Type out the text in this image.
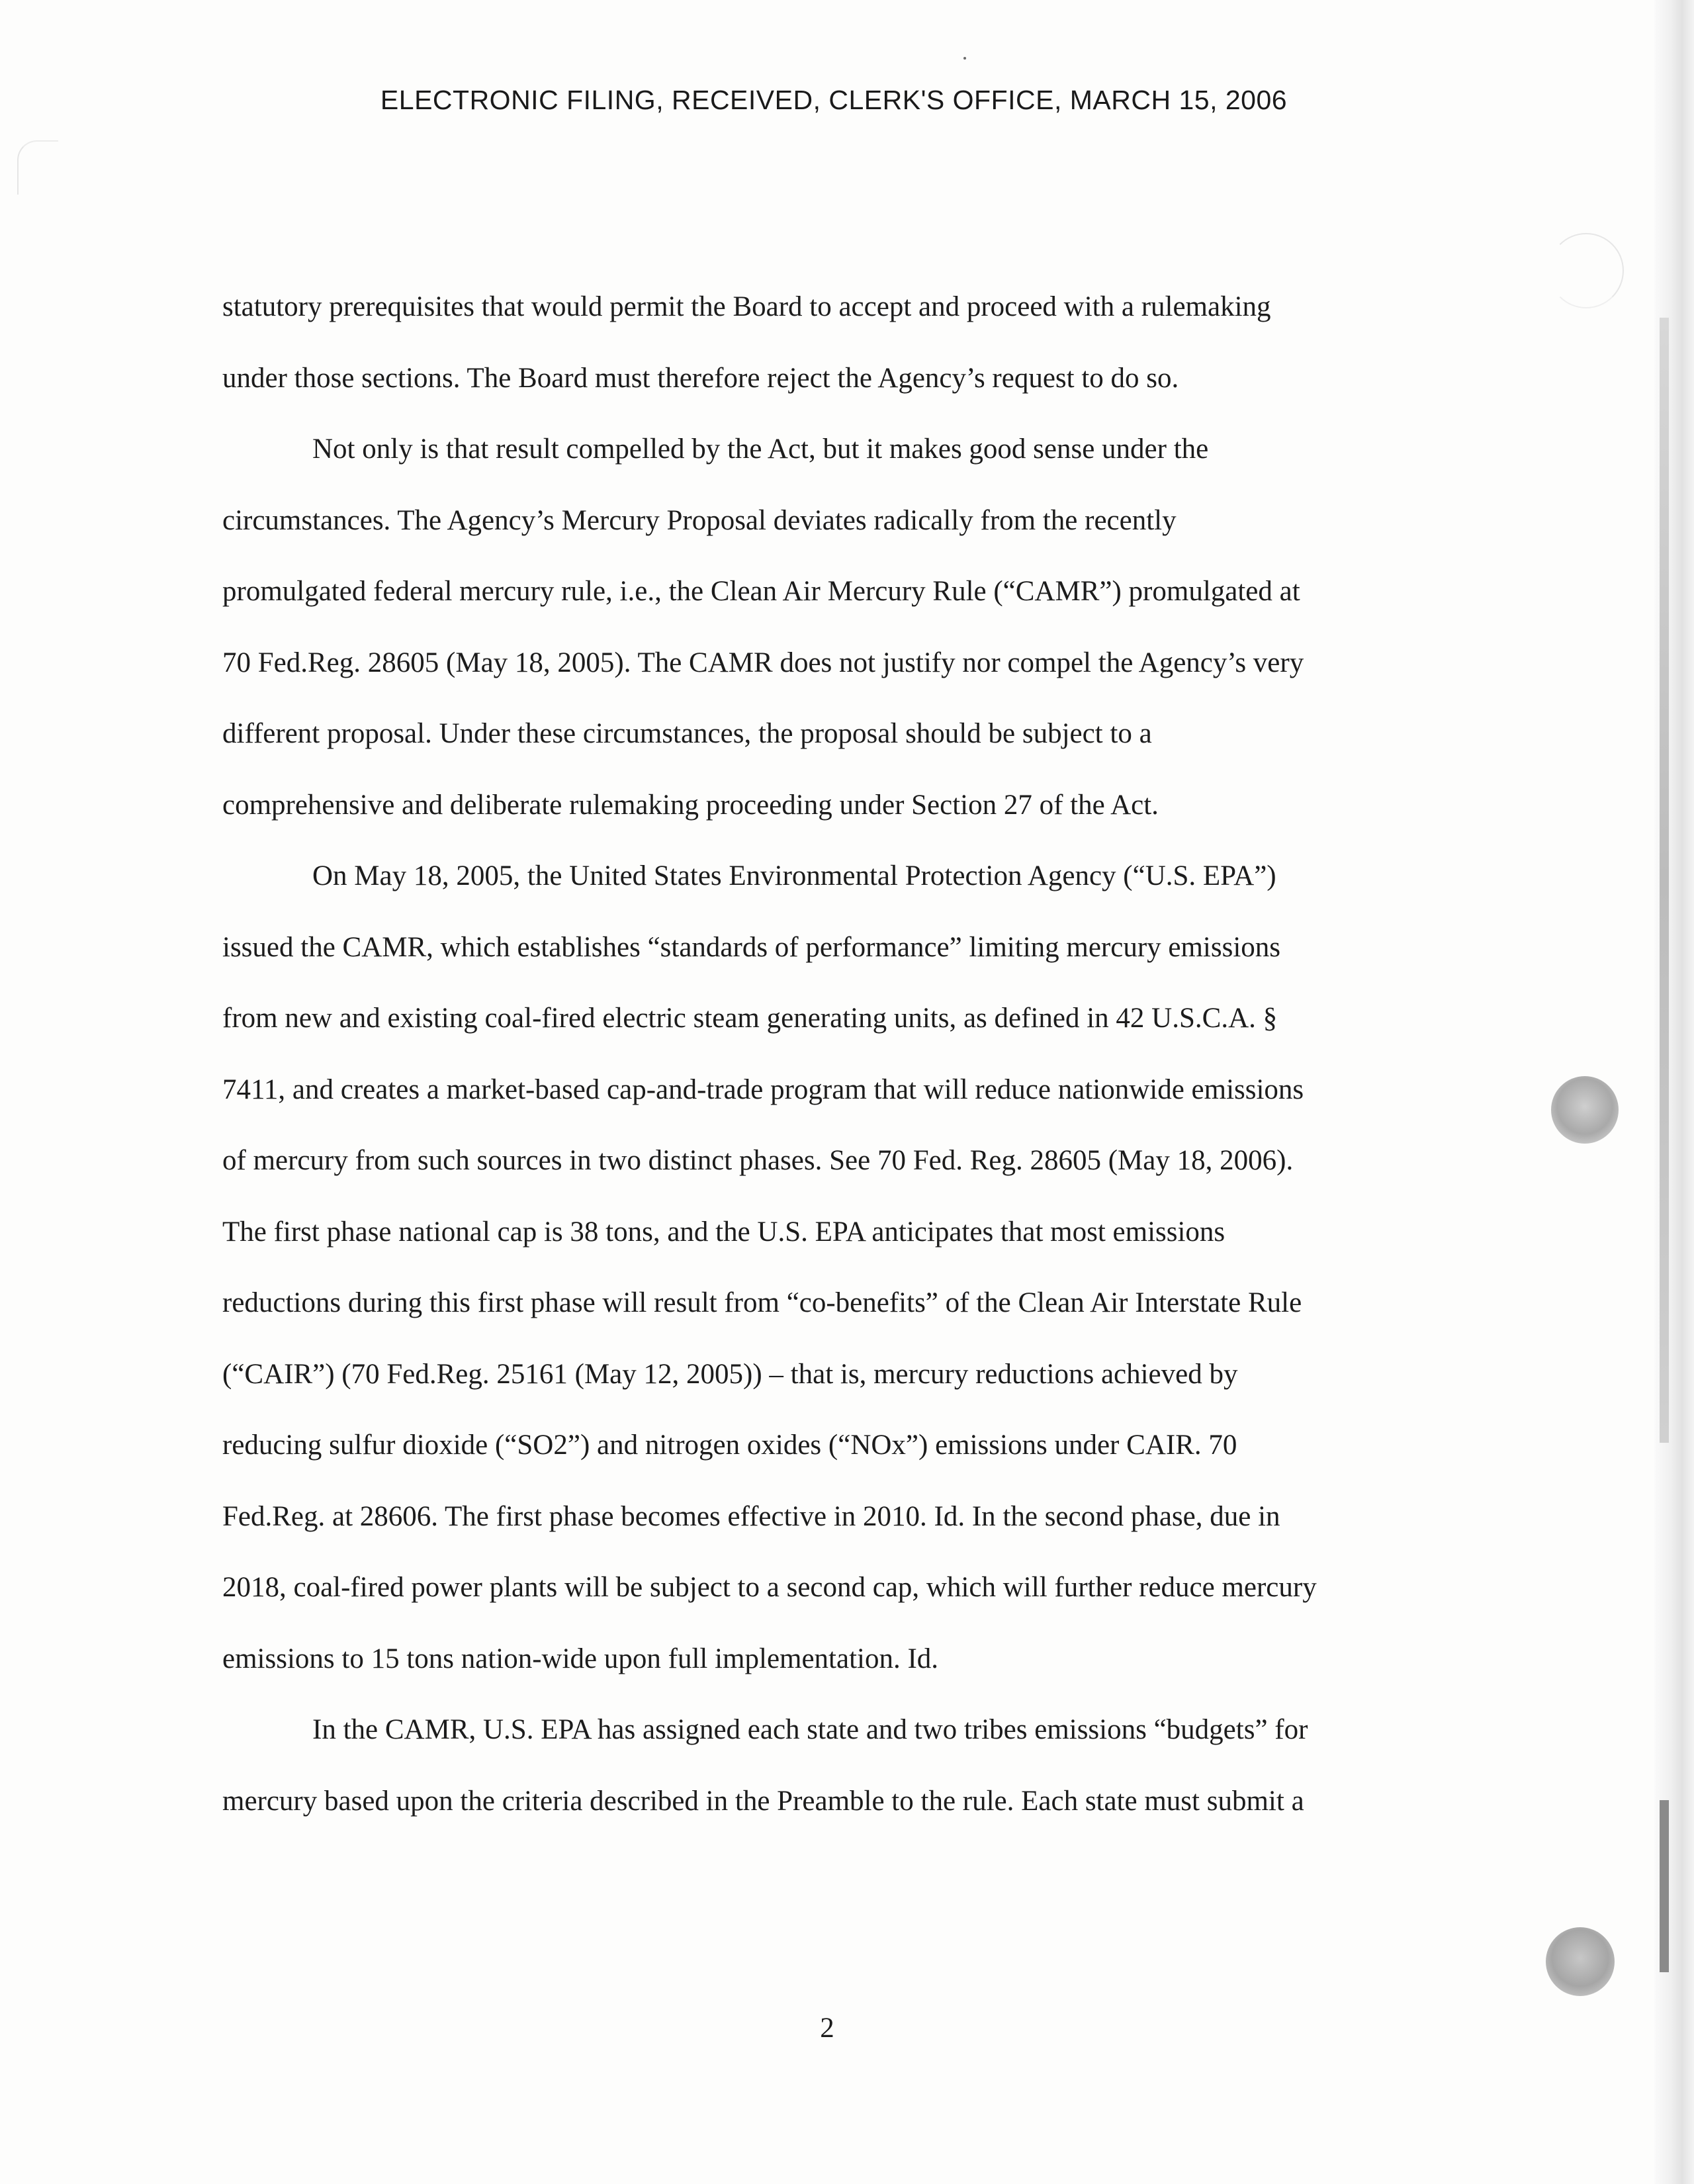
ELECTRONIC FILING, RECEIVED, CLERK'S OFFICE, MARCH 15, 2006

statutory prerequisites that would permit the Board to accept and proceed with a rulemaking
under those sections. The Board must therefore reject the Agency’s request to do so.

Not only is that result compelled by the Act, but it makes good sense under the
circumstances. The Agency’s Mercury Proposal deviates radically from the recently
promulgated federal mercury rule, i.e., the Clean Air Mercury Rule (“CAMR”) promulgated at
70 Fed.Reg. 28605 (May 18, 2005). The CAMR does not justify nor compel the Agency’s very
different proposal. Under these circumstances, the proposal should be subject to a
comprehensive and deliberate rulemaking proceeding under Section 27 of the Act.

On May 18, 2005, the United States Environmental Protection Agency (“U.S. EPA”)
issued the CAMR, which establishes “standards of performance” limiting mercury emissions
from new and existing coal-fired electric steam generating units, as defined in 42 U.S.C.A. §
7411, and creates a market-based cap-and-trade program that will reduce nationwide emissions
of mercury from such sources in two distinct phases. See 70 Fed. Reg. 28605 (May 18, 2006).
The first phase national cap is 38 tons, and the U.S. EPA anticipates that most emissions
reductions during this first phase will result from “co-benefits” of the Clean Air Interstate Rule
(“CAIR”) (70 Fed.Reg. 25161 (May 12, 2005)) – that is, mercury reductions achieved by
reducing sulfur dioxide (“SO2”) and nitrogen oxides (“NOx”) emissions under CAIR. 70
Fed.Reg. at 28606. The first phase becomes effective in 2010. Id. In the second phase, due in
2018, coal-fired power plants will be subject to a second cap, which will further reduce mercury
emissions to 15 tons nation-wide upon full implementation. Id.

In the CAMR, U.S. EPA has assigned each state and two tribes emissions “budgets” for
mercury based upon the criteria described in the Preamble to the rule. Each state must submit a

2
